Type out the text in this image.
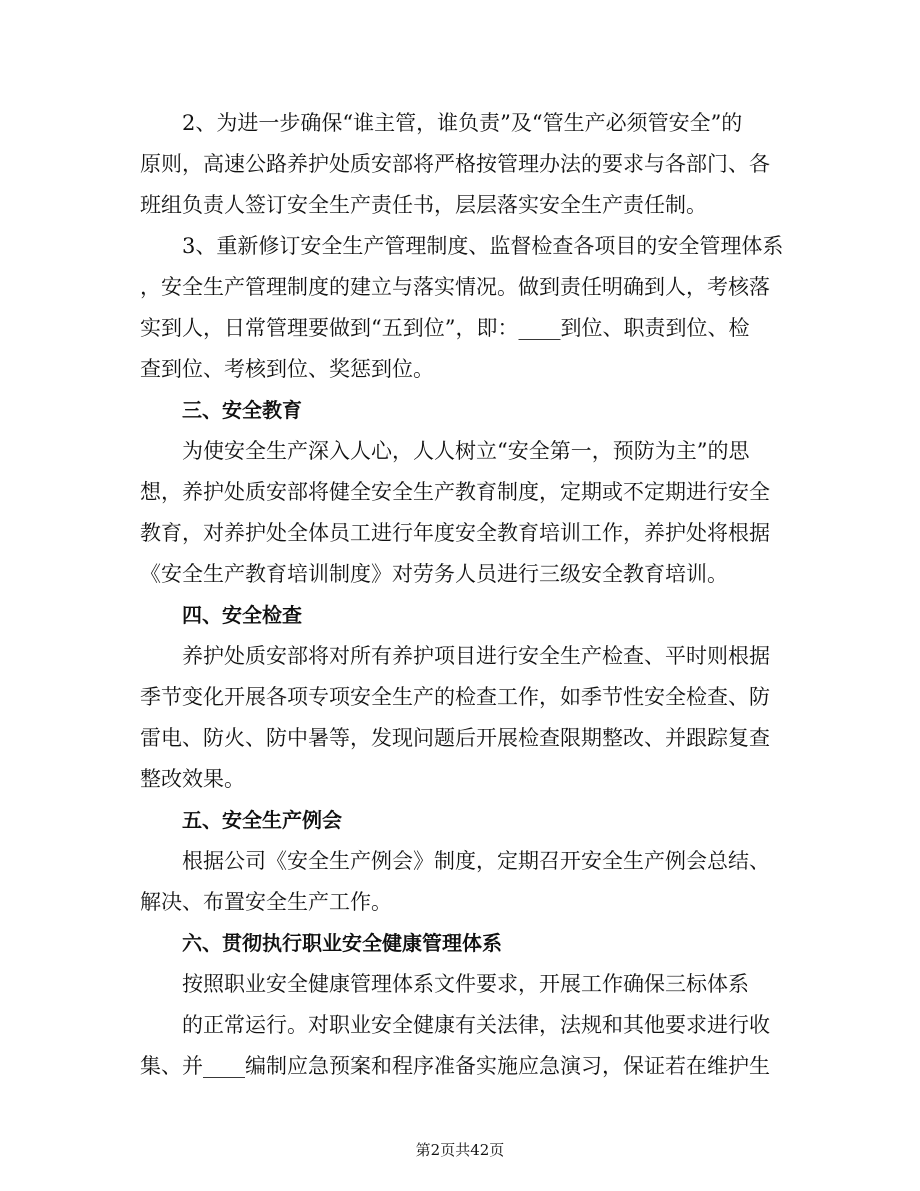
2、为进一步确保“谁主管，谁负责”及“管生产必须管安全”的
原则，高速公路养护处质安部将严格按管理办法的要求与各部门、各
班组负责人签订安全生产责任书，层层落实安全生产责任制。
3、重新修订安全生产管理制度、监督检查各项目的安全管理体系
，安全生产管理制度的建立与落实情况。做到责任明确到人，考核落
实到人，日常管理要做到“五到位”，即：____到位、职责到位、检
查到位、考核到位、奖惩到位。
三、安全教育
为使安全生产深入人心，人人树立“安全第一，预防为主”的思
想，养护处质安部将健全安全生产教育制度，定期或不定期进行安全
教育，对养护处全体员工进行年度安全教育培训工作，养护处将根据
《安全生产教育培训制度》对劳务人员进行三级安全教育培训。
四、安全检查
养护处质安部将对所有养护项目进行安全生产检查、平时则根据
季节变化开展各项专项安全生产的检查工作，如季节性安全检查、防
雷电、防火、防中暑等，发现问题后开展检查限期整改、并跟踪复查
整改效果。
五、安全生产例会
根据公司《安全生产例会》制度，定期召开安全生产例会总结、
解决、布置安全生产工作。
六、贯彻执行职业安全健康管理体系
按照职业安全健康管理体系文件要求，开展工作确保三标体系
的正常运行。对职业安全健康有关法律，法规和其他要求进行收
集、并____编制应急预案和程序准备实施应急演习，保证若在维护生
第2页共42页
